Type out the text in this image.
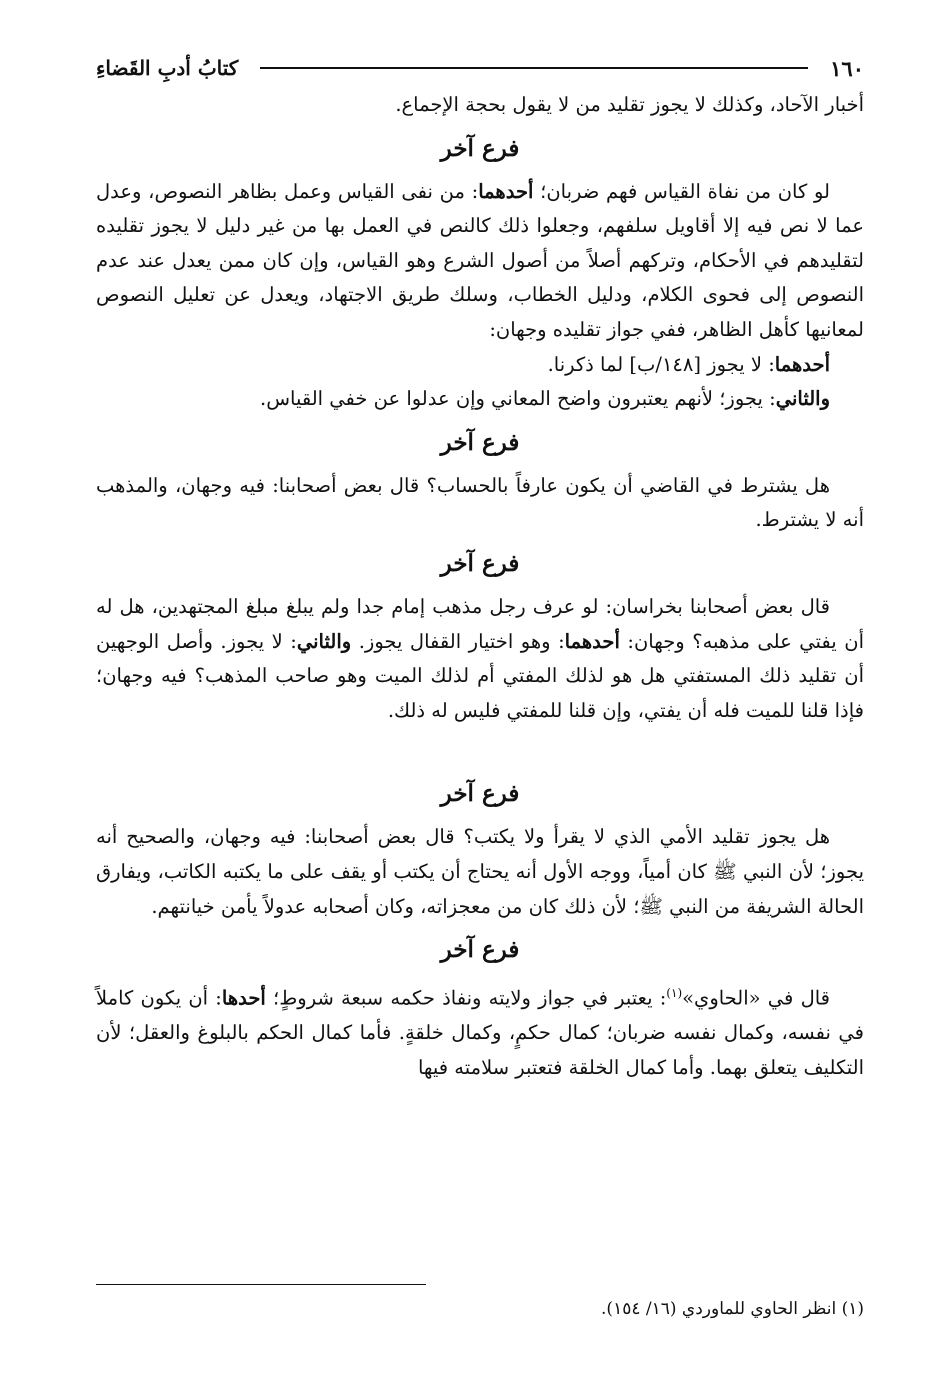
١٦٠
كتابُ أدبِ القَضاءِ

أخبار الآحاد، وكذلك لا يجوز تقليد من لا يقول بحجة الإجماع.

فرع آخر

لو كان من نفاة القياس فهم ضربان؛ أحدهما: من نفى القياس وعمل بظاهر النصوص، وعدل عما لا نص فيه إلا أقاويل سلفهم، وجعلوا ذلك كالنص في العمل بها من غير دليل لا يجوز تقليده لتقليدهم في الأحكام، وتركهم أصلاً من أصول الشرع وهو القياس، وإن كان ممن يعدل عند عدم النصوص إلى فحوى الكلام، ودليل الخطاب، وسلك طريق الاجتهاد، ويعدل عن تعليل النصوص لمعانيها كأهل الظاهر، ففي جواز تقليده وجهان:

أحدهما: لا يجوز [١٤٨/ب] لما ذكرنا.

والثاني: يجوز؛ لأنهم يعتبرون واضح المعاني وإن عدلوا عن خفي القياس.

فرع آخر

هل يشترط في القاضي أن يكون عارفاً بالحساب؟ قال بعض أصحابنا: فيه وجهان، والمذهب أنه لا يشترط.

فرع آخر

قال بعض أصحابنا بخراسان: لو عرف رجل مذهب إمام جدا ولم يبلغ مبلغ المجتهدين، هل له أن يفتي على مذهبه؟ وجهان: أحدهما: وهو اختيار القفال يجوز. والثاني: لا يجوز. وأصل الوجهين أن تقليد ذلك المستفتي هل هو لذلك المفتي أم لذلك الميت وهو صاحب المذهب؟ فيه وجهان؛ فإذا قلنا للميت فله أن يفتي، وإن قلنا للمفتي فليس له ذلك.

فرع آخر

هل يجوز تقليد الأمي الذي لا يقرأ ولا يكتب؟ قال بعض أصحابنا: فيه وجهان، والصحيح أنه يجوز؛ لأن النبي ﷺ كان أمياً، ووجه الأول أنه يحتاج أن يكتب أو يقف على ما يكتبه الكاتب، ويفارق الحالة الشريفة من النبي ﷺ؛ لأن ذلك كان من معجزاته، وكان أصحابه عدولاً يأمن خيانتهم.

فرع آخر

قال في «الحاوي»$^{(١)}$: يعتبر في جواز ولايته ونفاذ حكمه سبعة شروطٍ؛ أحدها: أن يكون كاملاً في نفسه، وكمال نفسه ضربان؛ كمال حكمٍ، وكمال خلقةٍ. فأما كمال الحكم بالبلوغ والعقل؛ لأن التكليف يتعلق بهما. وأما كمال الخلقة فتعتبر سلامته فيها

(١) انظر الحاوي للماوردي (١٦/ ١٥٤).
